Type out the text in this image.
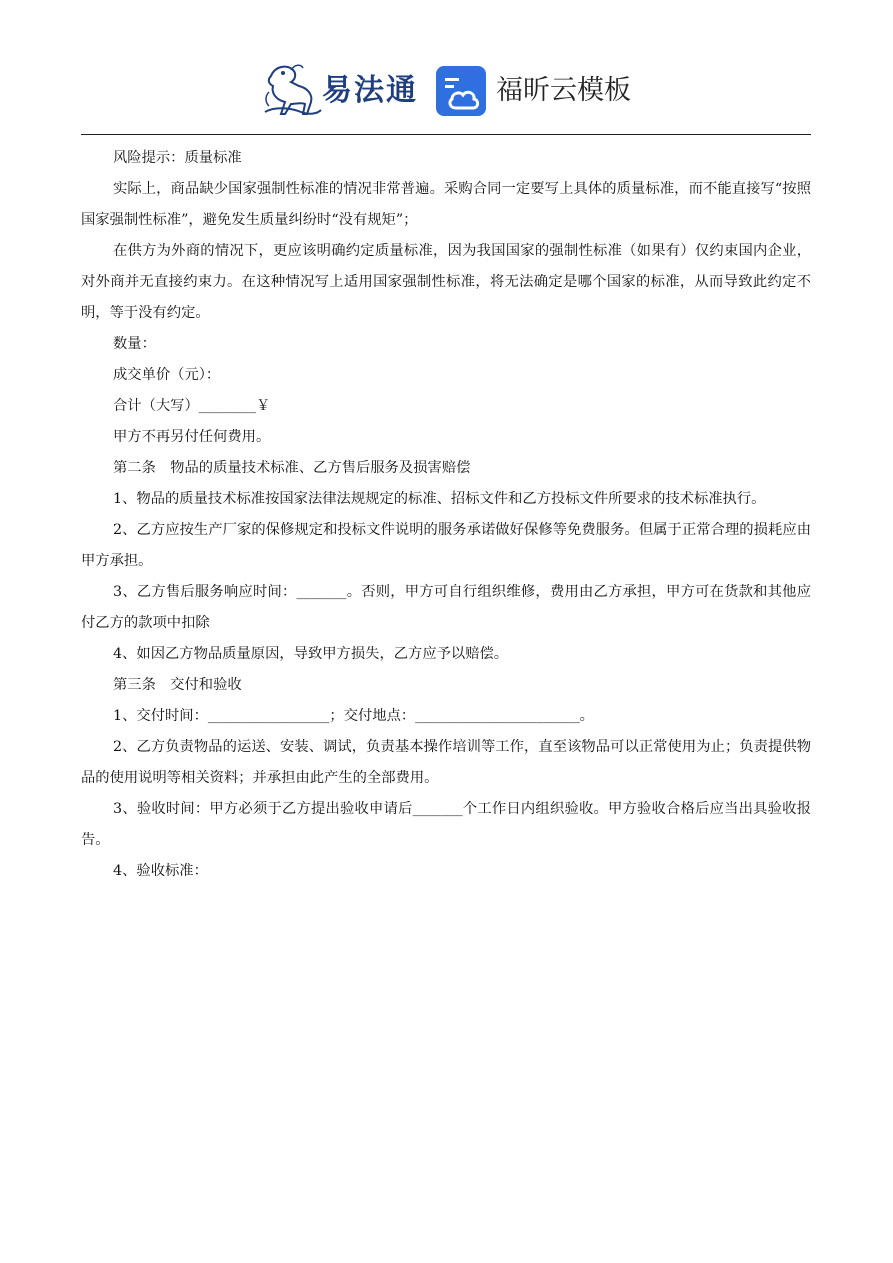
易法通	福昕云模板

风险提示：质量标准

实际上，商品缺少国家强制性标准的情况非常普遍。采购合同一定要写上具体的质量标准，而不能直接写“按照国家强制性标准”，避免发生质量纠纷时“没有规矩”；

在供方为外商的情况下，更应该明确约定质量标准，因为我国国家的强制性标准（如果有）仅约束国内企业，对外商并无直接约束力。在这种情况写上适用国家强制性标准，将无法确定是哪个国家的标准，从而导致此约定不明，等于没有约定。

数量：

成交单价（元）：

合计（大写）________￥

甲方不再另付任何费用。

第二条　物品的质量技术标准、乙方售后服务及损害赔偿

1、物品的质量技术标准按国家法律法规规定的标准、招标文件和乙方投标文件所要求的技术标准执行。

2、乙方应按生产厂家的保修规定和投标文件说明的服务承诺做好保修等免费服务。但属于正常合理的损耗应由甲方承担。

3、乙方售后服务响应时间：_______。否则，甲方可自行组织维修，费用由乙方承担，甲方可在货款和其他应付乙方的款项中扣除

4、如因乙方物品质量原因，导致甲方损失，乙方应予以赔偿。

第三条　交付和验收

1、交付时间：_________________；交付地点：_______________________。

2、乙方负责物品的运送、安装、调试，负责基本操作培训等工作，直至该物品可以正常使用为止；负责提供物品的使用说明等相关资料；并承担由此产生的全部费用。

3、验收时间：甲方必须于乙方提出验收申请后_______个工作日内组织验收。甲方验收合格后应当出具验收报告。

4、验收标准：
